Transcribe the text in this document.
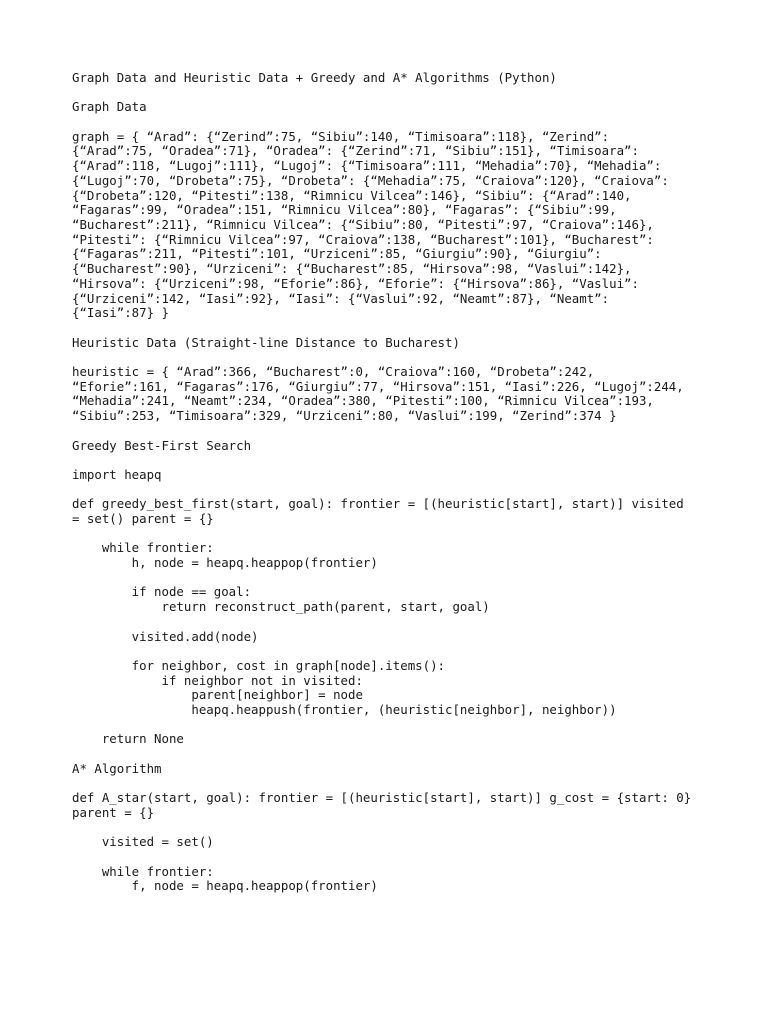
Graph Data and Heuristic Data + Greedy and A* Algorithms (Python)

Graph Data

graph = { “Arad”: {“Zerind”:75, “Sibiu”:140, “Timisoara”:118}, “Zerind”: {“Arad”:75, “Oradea”:71}, “Oradea”: {“Zerind”:71, “Sibiu”:151}, “Timisoara”: {“Arad”:118, “Lugoj”:111}, “Lugoj”: {“Timisoara”:111, “Mehadia”:70}, “Mehadia”: {“Lugoj”:70, “Drobeta”:75}, “Drobeta”: {“Mehadia”:75, “Craiova”:120}, “Craiova”: {“Drobeta”:120, “Pitesti”:138, “Rimnicu Vilcea”:146}, “Sibiu”: {“Arad”:140, “Fagaras”:99, “Oradea”:151, “Rimnicu Vilcea”:80}, “Fagaras”: {“Sibiu”:99, “Bucharest”:211}, “Rimnicu Vilcea”: {“Sibiu”:80, “Pitesti”:97, “Craiova”:146}, “Pitesti”: {“Rimnicu Vilcea”:97, “Craiova”:138, “Bucharest”:101}, “Bucharest”: {“Fagaras”:211, “Pitesti”:101, “Urziceni”:85, “Giurgiu”:90}, “Giurgiu”: {“Bucharest”:90}, “Urziceni”: {“Bucharest”:85, “Hirsova”:98, “Vaslui”:142}, “Hirsova”: {“Urziceni”:98, “Eforie”:86}, “Eforie”: {“Hirsova”:86}, “Vaslui”: {“Urziceni”:142, “Iasi”:92}, “Iasi”: {“Vaslui”:92, “Neamt”:87}, “Neamt”: {“Iasi”:87} }

Heuristic Data (Straight-line Distance to Bucharest)

heuristic = { “Arad”:366, “Bucharest”:0, “Craiova”:160, “Drobeta”:242, “Eforie”:161, “Fagaras”:176, “Giurgiu”:77, “Hirsova”:151, “Iasi”:226, “Lugoj”:244, “Mehadia”:241, “Neamt”:234, “Oradea”:380, “Pitesti”:100, “Rimnicu Vilcea”:193, “Sibiu”:253, “Timisoara”:329, “Urziceni”:80, “Vaslui”:199, “Zerind”:374 }

Greedy Best-First Search

import heapq

def greedy_best_first(start, goal): frontier = [(heuristic[start], start)] visited = set() parent = {}

while frontier:
h, node = heapq.heappop(frontier)
if node == goal:
return reconstruct_path(parent, start, goal)
visited.add(node)
for neighbor, cost in graph[node].items():
if neighbor not in visited:
parent[neighbor] = node
heapq.heappush(frontier, (heuristic[neighbor], neighbor))
return None

A* Algorithm

def A_star(start, goal): frontier = [(heuristic[start], start)] g_cost = {start: 0} parent = {}

visited = set()
while frontier:
f, node = heapq.heappop(frontier)
